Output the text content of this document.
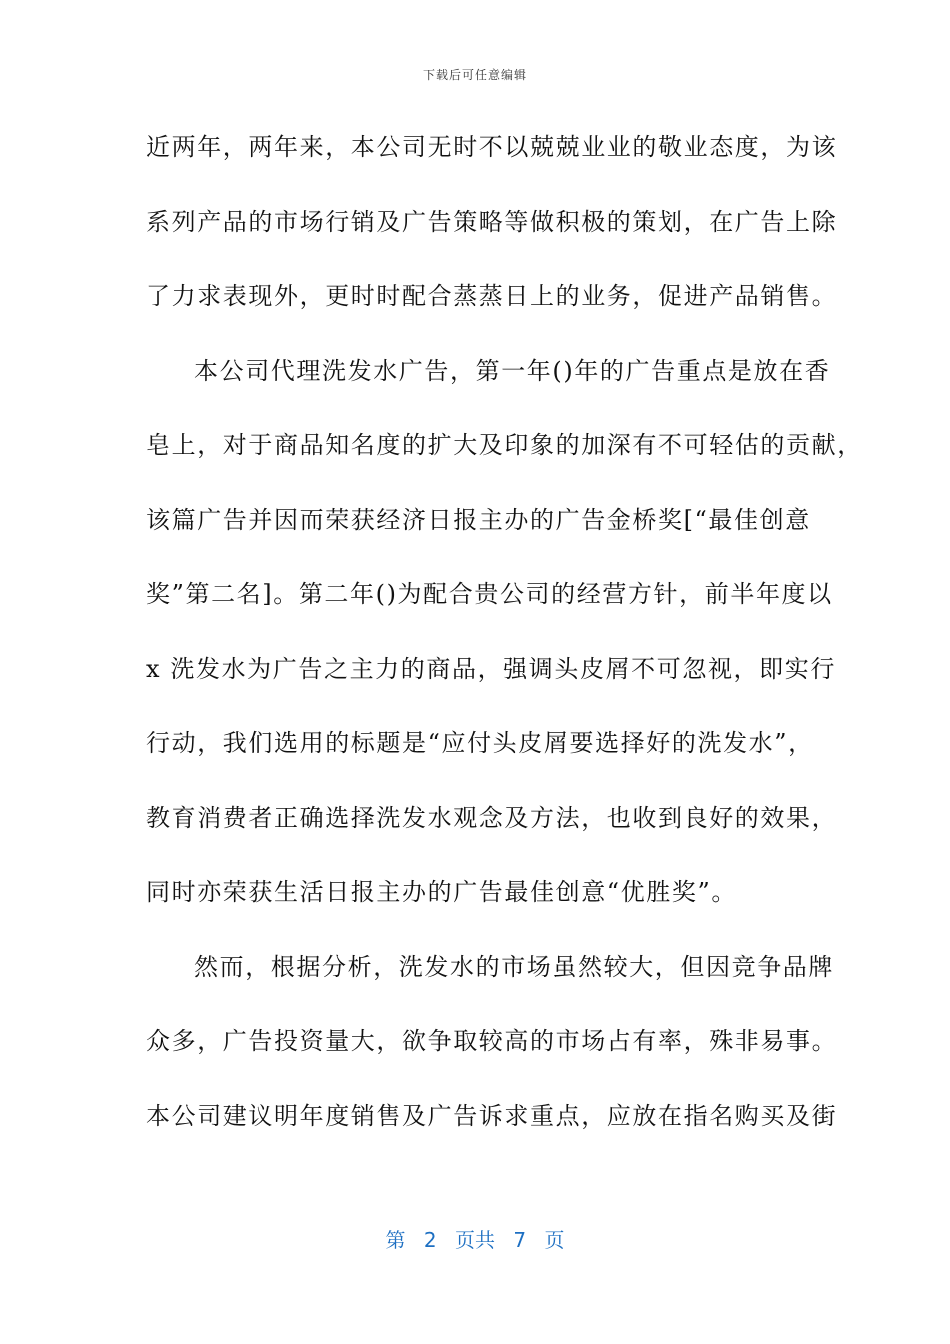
下载后可任意编辑
近两年，两年来，本公司无时不以兢兢业业的敬业态度，为该
系列产品的市场行销及广告策略等做积极的策划，在广告上除
了力求表现外，更时时配合蒸蒸日上的业务，促进产品销售。
本公司代理洗发水广告，第一年()年的广告重点是放在香
皂上，对于商品知名度的扩大及印象的加深有不可轻估的贡献，
该篇广告并因而荣获经济日报主办的广告金桥奖[“最佳创意
奖”第二名]。第二年()为配合贵公司的经营方针，前半年度以
x 洗发水为广告之主力的商品，强调头皮屑不可忽视，即实行
行动，我们选用的标题是“应付头皮屑要选择好的洗发水”，
教育消费者正确选择洗发水观念及方法，也收到良好的效果，
同时亦荣获生活日报主办的广告最佳创意“优胜奖”。
然而，根据分析，洗发水的市场虽然较大，但因竞争品牌
众多，广告投资量大，欲争取较高的市场占有率，殊非易事。
本公司建议明年度销售及广告诉求重点，应放在指名购买及街
第 2 页共 7 页
